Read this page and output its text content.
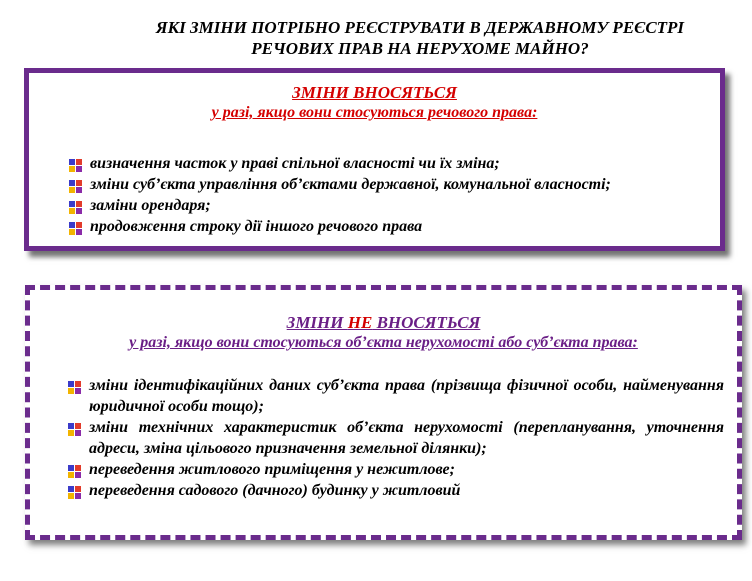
ЯКІ ЗМІНИ ПОТРІБНО РЕЄСТРУВАТИ В ДЕРЖАВНОМУ РЕЄСТРІ
РЕЧОВИХ ПРАВ НА НЕРУХОМЕ МАЙНО?
ЗМІНИ ВНОСЯТЬСЯ
у разі, якщо вони стосуються речового права:
визначення часток у праві спільної власності чи їх зміна;
зміни суб’єкта управління об’єктами державної, комунальної власності;
заміни орендаря;
продовження строку дії іншого речового права
ЗМІНИ НЕ ВНОСЯТЬСЯ
у разі, якщо вони стосуються об’єкта нерухомості або суб’єкта права:
зміни ідентифікаційних даних суб’єкта права (прізвища фізичної особи, найменування юридичної особи тощо);
зміни технічних характеристик об’єкта нерухомості (перепланування, уточнення адреси, зміна цільового призначення земельної ділянки);
переведення житлового приміщення у нежитлове;
переведення садового (дачного) будинку у житловий
